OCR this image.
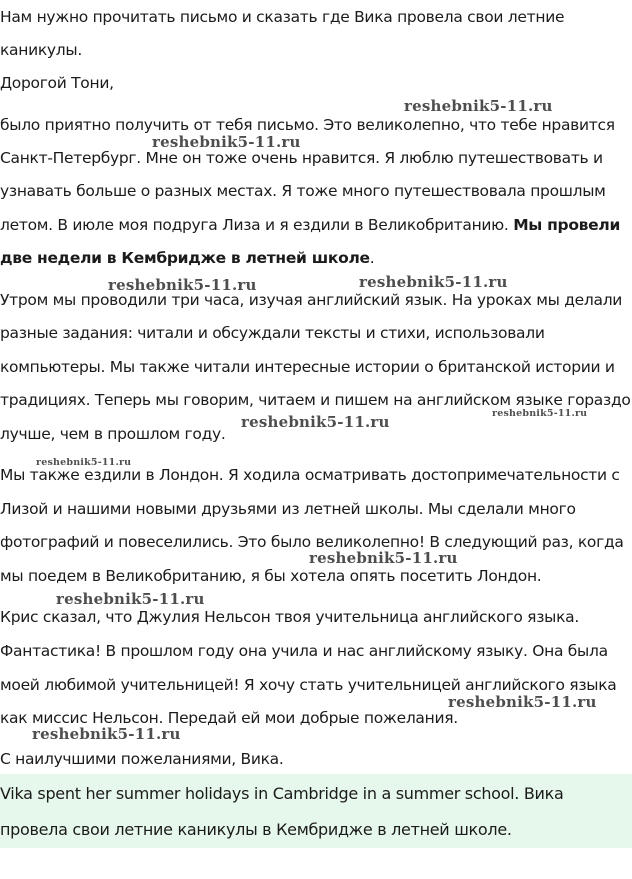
Нам нужно прочитать письмо и сказать где Вика провела свои летние
каникулы.
Дорогой Тони,
было приятно получить от тебя письмо. Это великолепно, что тебе нравится
Санкт-Петербург. Мне он тоже очень нравится. Я люблю путешествовать и
узнавать больше о разных местах. Я тоже много путешествовала прошлым
летом. В июле моя подруга Лиза и я ездили в Великобританию. Мы провели
две недели в Кембридже в летней школе.
Утром мы проводили три часа, изучая английский язык. На уроках мы делали
разные задания: читали и обсуждали тексты и стихи, использовали
компьютеры. Мы также читали интересные истории о британской истории и
традициях. Теперь мы говорим, читаем и пишем на английском языке гораздо
лучше, чем в прошлом году.
Мы также ездили в Лондон. Я ходила осматривать достопримечательности с
Лизой и нашими новыми друзьями из летней школы. Мы сделали много
фотографий и повеселились. Это было великолепно! В следующий раз, когда
мы поедем в Великобританию, я бы хотела опять посетить Лондон.
Крис сказал, что Джулия Нельсон твоя учительница английского языка.
Фантастика! В прошлом году она учила и нас английскому языку. Она была
моей любимой учительницей! Я хочу стать учительницей английского языка
как миссис Нельсон. Передай ей мои добрые пожелания.
С наилучшими пожеланиями, Вика.
Vika spent her summer holidays in Cambridge in a summer school. Вика
провела свои летние каникулы в Кембридже в летней школе.
reshebnik5-11.ru
reshebnik5-11.ru
reshebnik5-11.ru	reshebnik5-11.ru
reshebnik5-11.ru	reshebnik5-11.ru
reshebnik5-11.ru
reshebnik5-11.ru
reshebnik5-11.ru
reshebnik5-11.ru
reshebnik5-11.ru
